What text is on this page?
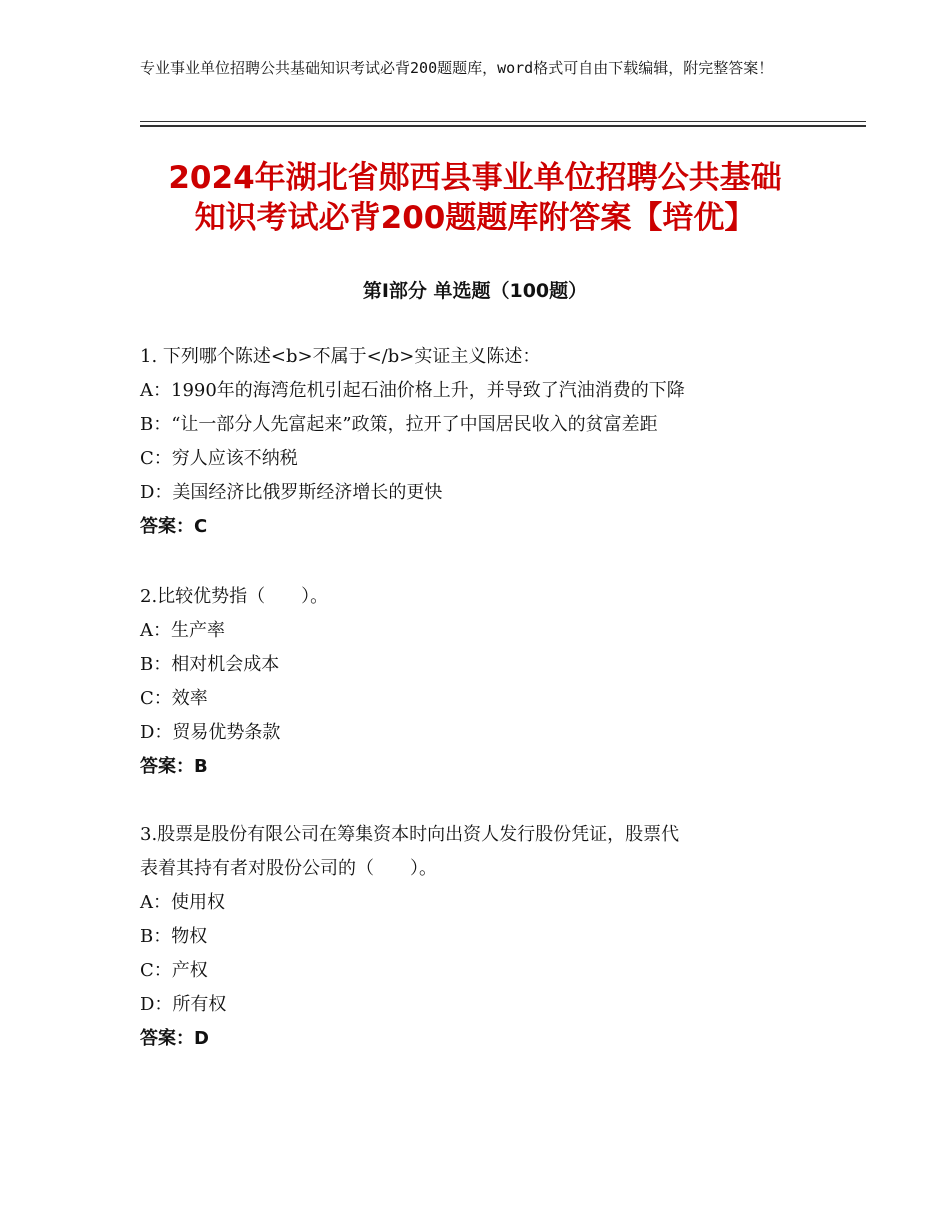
专业事业单位招聘公共基础知识考试必背200题题库，word格式可自由下载编辑，附完整答案！
2024年湖北省郧西县事业单位招聘公共基础
知识考试必背200题题库附答案【培优】
第Ⅰ部分 单选题（100题）
1. 下列哪个陈述<b>不属于</b>实证主义陈述：
A：1990年的海湾危机引起石油价格上升，并导致了汽油消费的下降
B：“让一部分人先富起来”政策，拉开了中国居民收入的贫富差距
C：穷人应该不纳税
D：美国经济比俄罗斯经济增长的更快
答案：C
2.比较优势指（　　）。
A：生产率
B：相对机会成本
C：效率
D：贸易优势条款
答案：B
3.股票是股份有限公司在筹集资本时向出资人发行股份凭证，股票代
表着其持有者对股份公司的（　　）。
A：使用权
B：物权
C：产权
D：所有权
答案：D
